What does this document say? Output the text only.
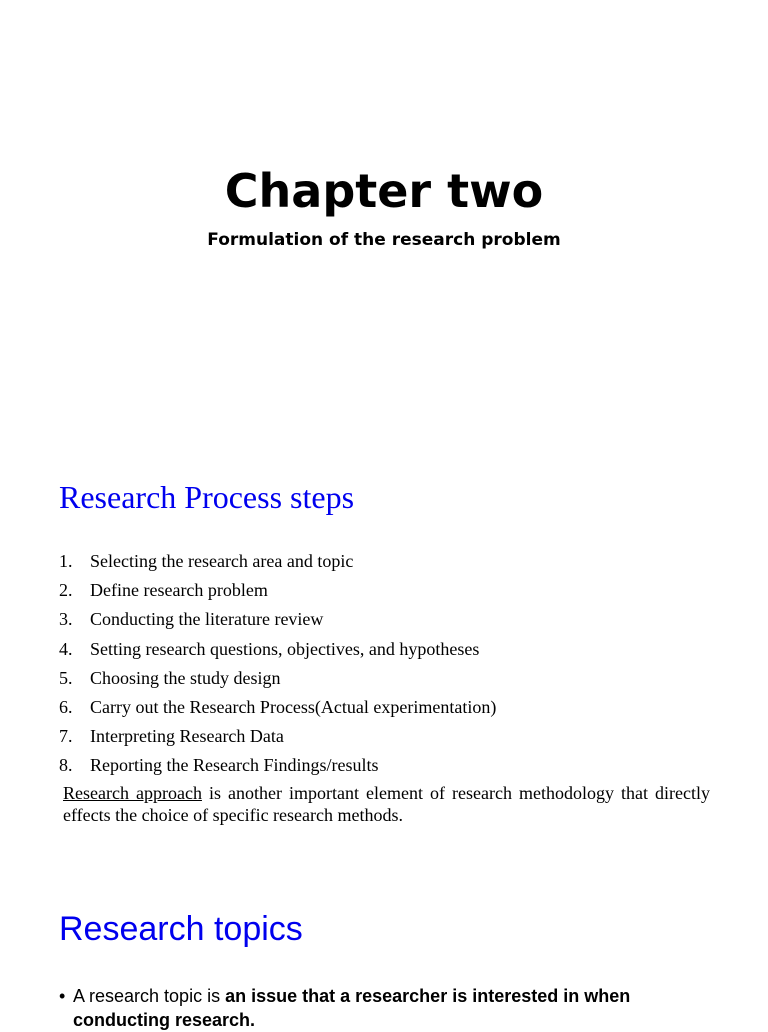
Chapter two
Formulation of the research problem
Research Process steps
1. Selecting the research area and topic
2. Define research problem
3. Conducting the literature review
4. Setting research questions, objectives, and hypotheses
5. Choosing the study design
6. Carry out the Research Process(Actual experimentation)
7. Interpreting Research Data
8. Reporting the Research Findings/results

Research approach is another important element of research methodology that directly effects the choice of specific research methods.

Research topics

• A research topic is an issue that a researcher is interested in when conducting research.
